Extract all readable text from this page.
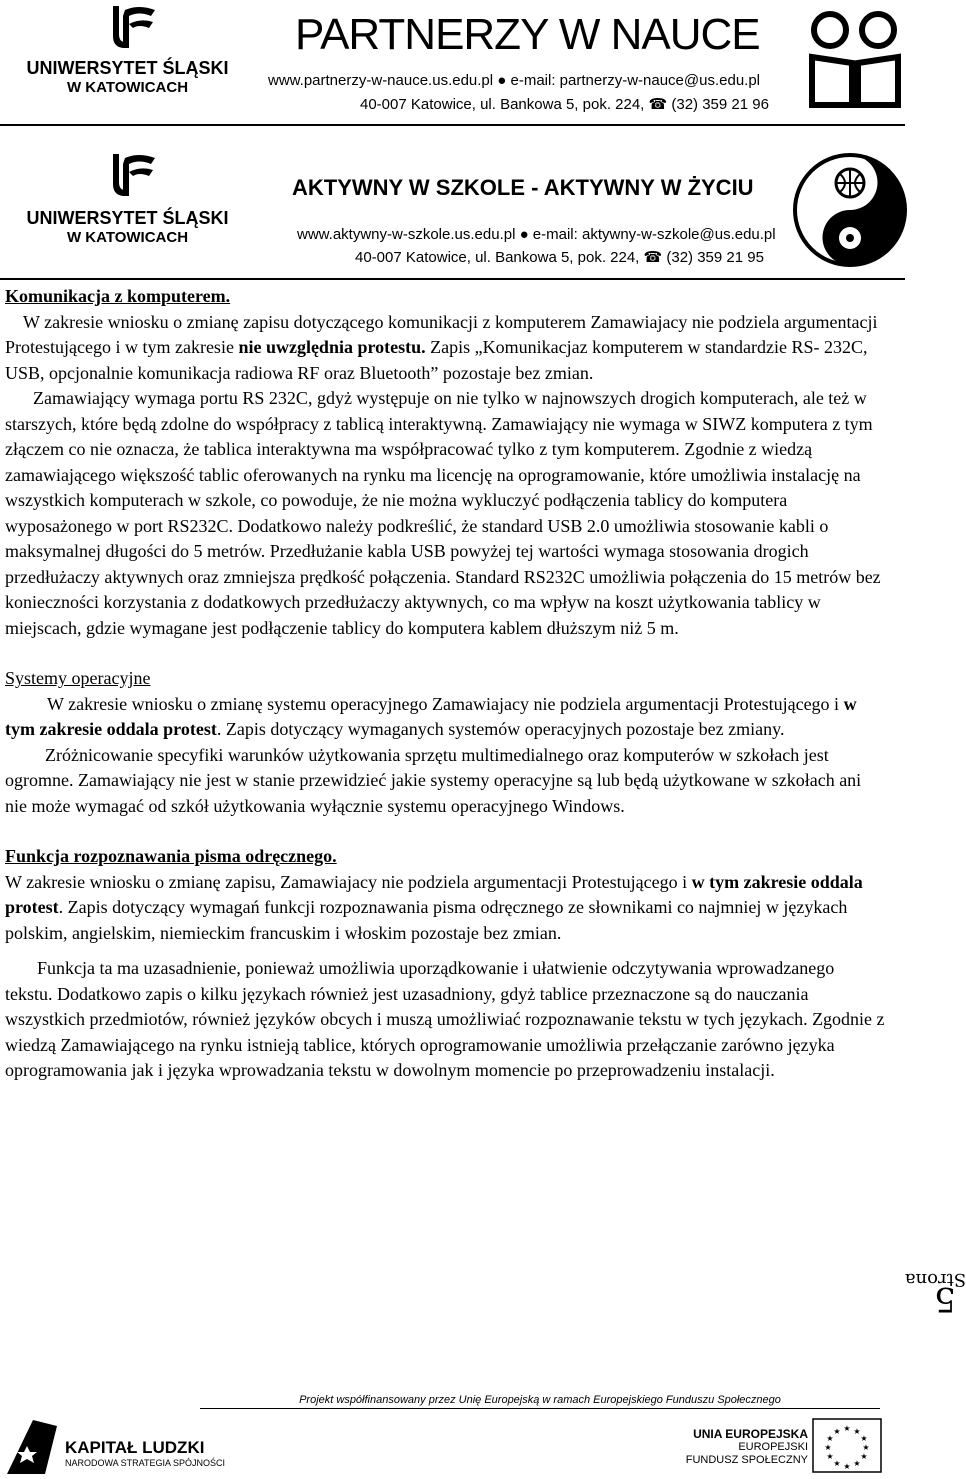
UNIWERSYTET ŚLĄSKI
W KATOWICACH
PARTNERZY W NAUCE
www.partnerzy-w-nauce.us.edu.pl ● e-mail: partnerzy-w-nauce@us.edu.pl
40-007 Katowice, ul. Bankowa 5, pok. 224, ☎ (32) 359 21 96
UNIWERSYTET ŚLĄSKI
W KATOWICACH
AKTYWNY W SZKOLE - AKTYWNY W ŻYCIU
www.aktywny-w-szkole.us.edu.pl ● e-mail: aktywny-w-szkole@us.edu.pl
40-007 Katowice, ul. Bankowa 5, pok. 224, ☎ (32) 359 21 95

Komunikacja z komputerem.

W zakresie wniosku o zmianę zapisu dotyczącego komunikacji z komputerem Zamawiajacy nie podziela argumentacji Protestującego i w tym zakresie nie uwzględnia protestu. Zapis „Komunikacjaz komputerem w standardzie RS- 232C, USB, opcjonalnie komunikacja radiowa RF oraz Bluetooth” pozostaje bez zmian.

Zamawiający wymaga portu RS 232C, gdyż występuje on nie tylko w najnowszych drogich komputerach, ale też w starszych, które będą zdolne do współpracy z tablicą interaktywną. Zamawiający nie wymaga w SIWZ komputera z tym złączem co nie oznacza, że tablica interaktywna ma współpracować tylko z tym komputerem. Zgodnie z wiedzą zamawiającego większość tablic oferowanych na rynku ma licencję na oprogramowanie, które umożliwia instalację na wszystkich komputerach w szkole, co powoduje, że nie można wykluczyć podłączenia tablicy do komputera wyposażonego w port RS232C. Dodatkowo należy podkreślić, że standard USB 2.0 umożliwia stosowanie kabli o maksymalnej długości do 5 metrów. Przedłużanie kabla USB powyżej tej wartości wymaga stosowania drogich przedłużaczy aktywnych oraz zmniejsza prędkość połączenia. Standard RS232C umożliwia połączenia do 15 metrów bez konieczności korzystania z dodatkowych przedłużaczy aktywnych, co ma wpływ na koszt użytkowania tablicy w miejscach, gdzie wymagane jest podłączenie tablicy do komputera kablem dłuższym niż 5 m.

Systemy operacyjne

W zakresie wniosku o zmianę systemu operacyjnego Zamawiajacy nie podziela argumentacji Protestującego i w tym zakresie oddala protest. Zapis dotyczący wymaganych systemów operacyjnych pozostaje bez zmiany.

Zróżnicowanie specyfiki warunków użytkowania sprzętu multimedialnego oraz komputerów w szkołach jest ogromne. Zamawiający nie jest w stanie przewidzieć jakie systemy operacyjne są lub będą użytkowane w szkołach ani nie może wymagać od szkół użytkowania wyłącznie systemu operacyjnego Windows.

Funkcja rozpoznawania pisma odręcznego.

W zakresie wniosku o zmianę zapisu, Zamawiajacy nie podziela argumentacji Protestującego i w tym zakresie oddala protest. Zapis dotyczący wymagań funkcji rozpoznawania pisma odręcznego ze słownikami co najmniej w językach polskim, angielskim, niemieckim francuskim i włoskim pozostaje bez zmian.

Funkcja ta ma uzasadnienie, ponieważ umożliwia uporządkowanie i ułatwienie odczytywania wprowadzanego tekstu. Dodatkowo zapis o kilku językach również jest uzasadniony, gdyż tablice przeznaczone są do nauczania wszystkich przedmiotów, również języków obcych i muszą umożliwiać rozpoznawanie tekstu w tych językach. Zgodnie z wiedzą Zamawiającego na rynku istnieją tablice, których oprogramowanie umożliwia przełączanie zarówno języka oprogramowania jak i języka wprowadzania tekstu w dowolnym momencie po przeprowadzeniu instalacji.

Strona
5
Projekt współfinansowany przez Unię Europejską w ramach Europejskiego Funduszu Społecznego
KAPITAŁ LUDZKI
NARODOWA STRATEGIA SPÓJNOŚCI
UNIA EUROPEJSKA
EUROPEJSKI
FUNDUSZ SPOŁECZNY
★ ★
★
★
★
★
★
★
★
★
★
★
